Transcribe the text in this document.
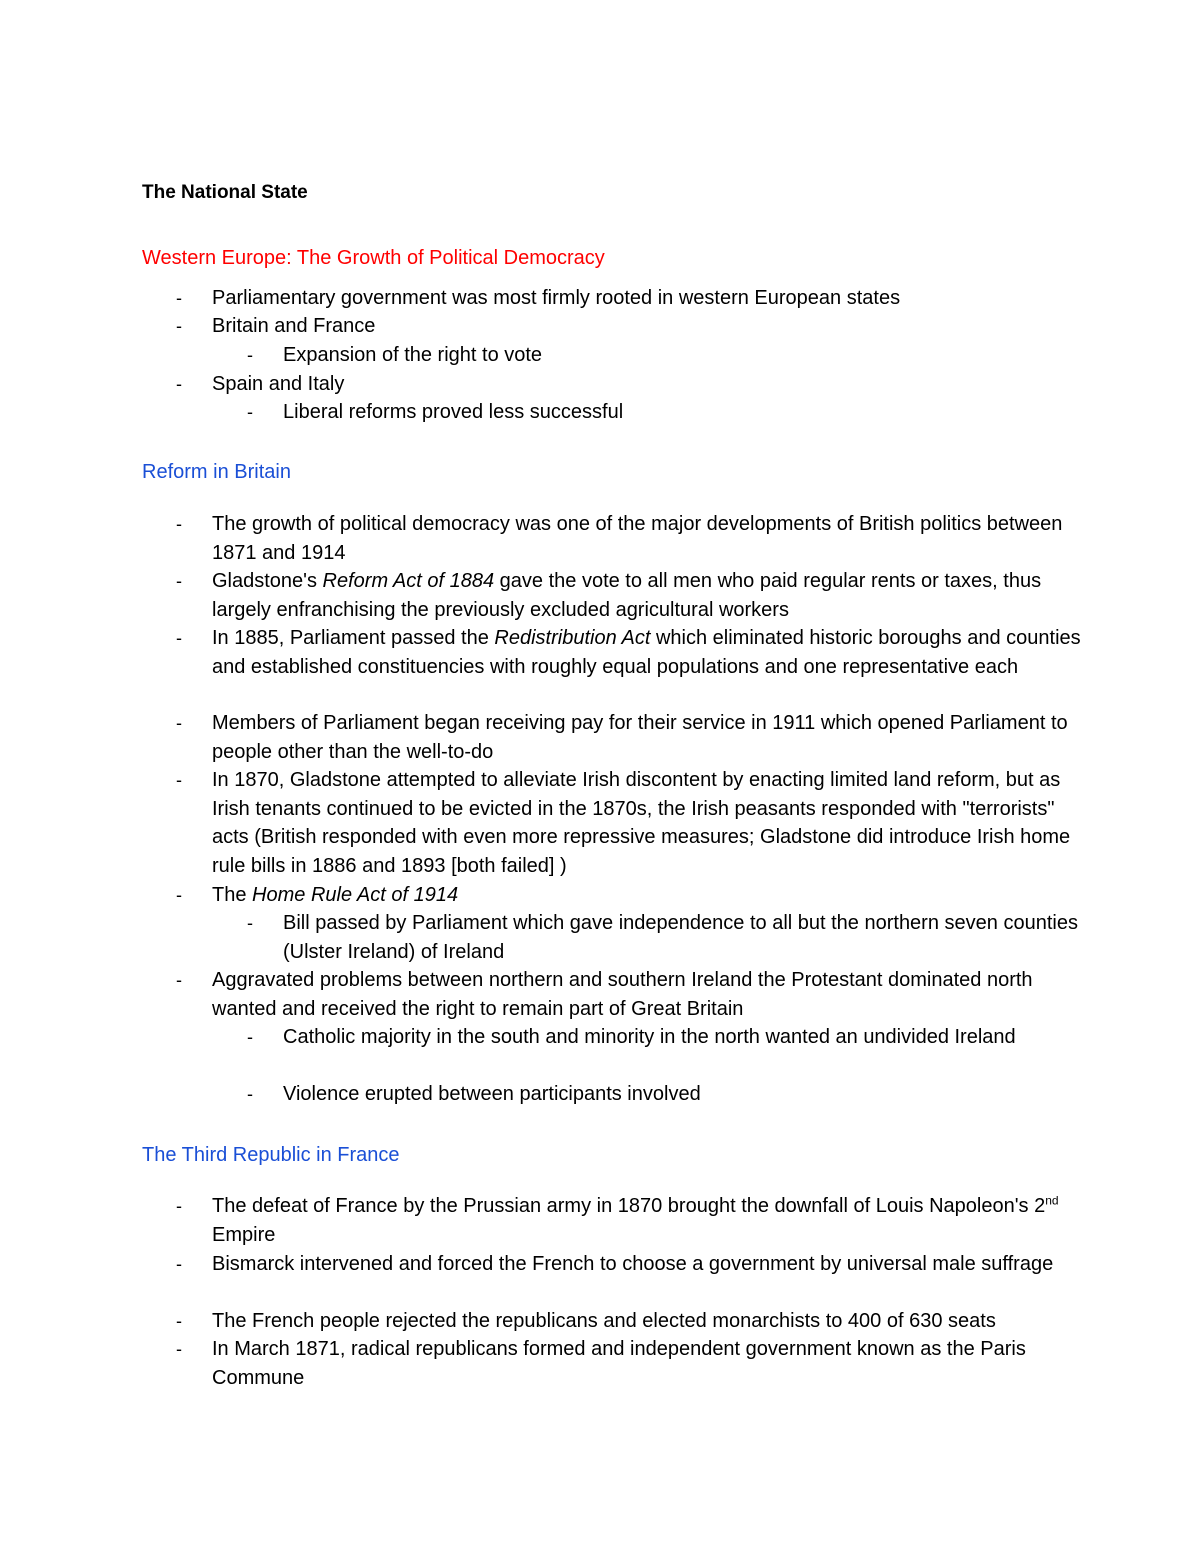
The National State
Western Europe: The Growth of Political Democracy
- Parliamentary government was most firmly rooted in western European states
- Britain and France
- Expansion of the right to vote
- Spain and Italy
- Liberal reforms proved less successful
Reform in Britain
- The growth of political democracy was one of the major developments of British politics between 1871 and 1914
- Gladstone's Reform Act of 1884 gave the vote to all men who paid regular rents or taxes, thus largely enfranchising the previously excluded agricultural workers
- In 1885, Parliament passed the Redistribution Act which eliminated historic boroughs and counties and established constituencies with roughly equal populations and one representative each
- Members of Parliament began receiving pay for their service in 1911 which opened Parliament to people other than the well-to-do
- In 1870, Gladstone attempted to alleviate Irish discontent by enacting limited land reform, but as Irish tenants continued to be evicted in the 1870s, the Irish peasants responded with "terrorists" acts (British responded with even more repressive measures; Gladstone did introduce Irish home rule bills in 1886 and 1893 [both failed] )
- The Home Rule Act of 1914
- Bill passed by Parliament which gave independence to all but the northern seven counties (Ulster Ireland) of Ireland
- Aggravated problems between northern and southern Ireland the Protestant dominated north wanted and received the right to remain part of Great Britain
- Catholic majority in the south and minority in the north wanted an undivided Ireland
- Violence erupted between participants involved
The Third Republic in France
- The defeat of France by the Prussian army in 1870 brought the downfall of Louis Napoleon's 2nd Empire
- Bismarck intervened and forced the French to choose a government by universal male suffrage
- The French people rejected the republicans and elected monarchists to 400 of 630 seats
- In March 1871, radical republicans formed and independent government known as the Paris Commune
